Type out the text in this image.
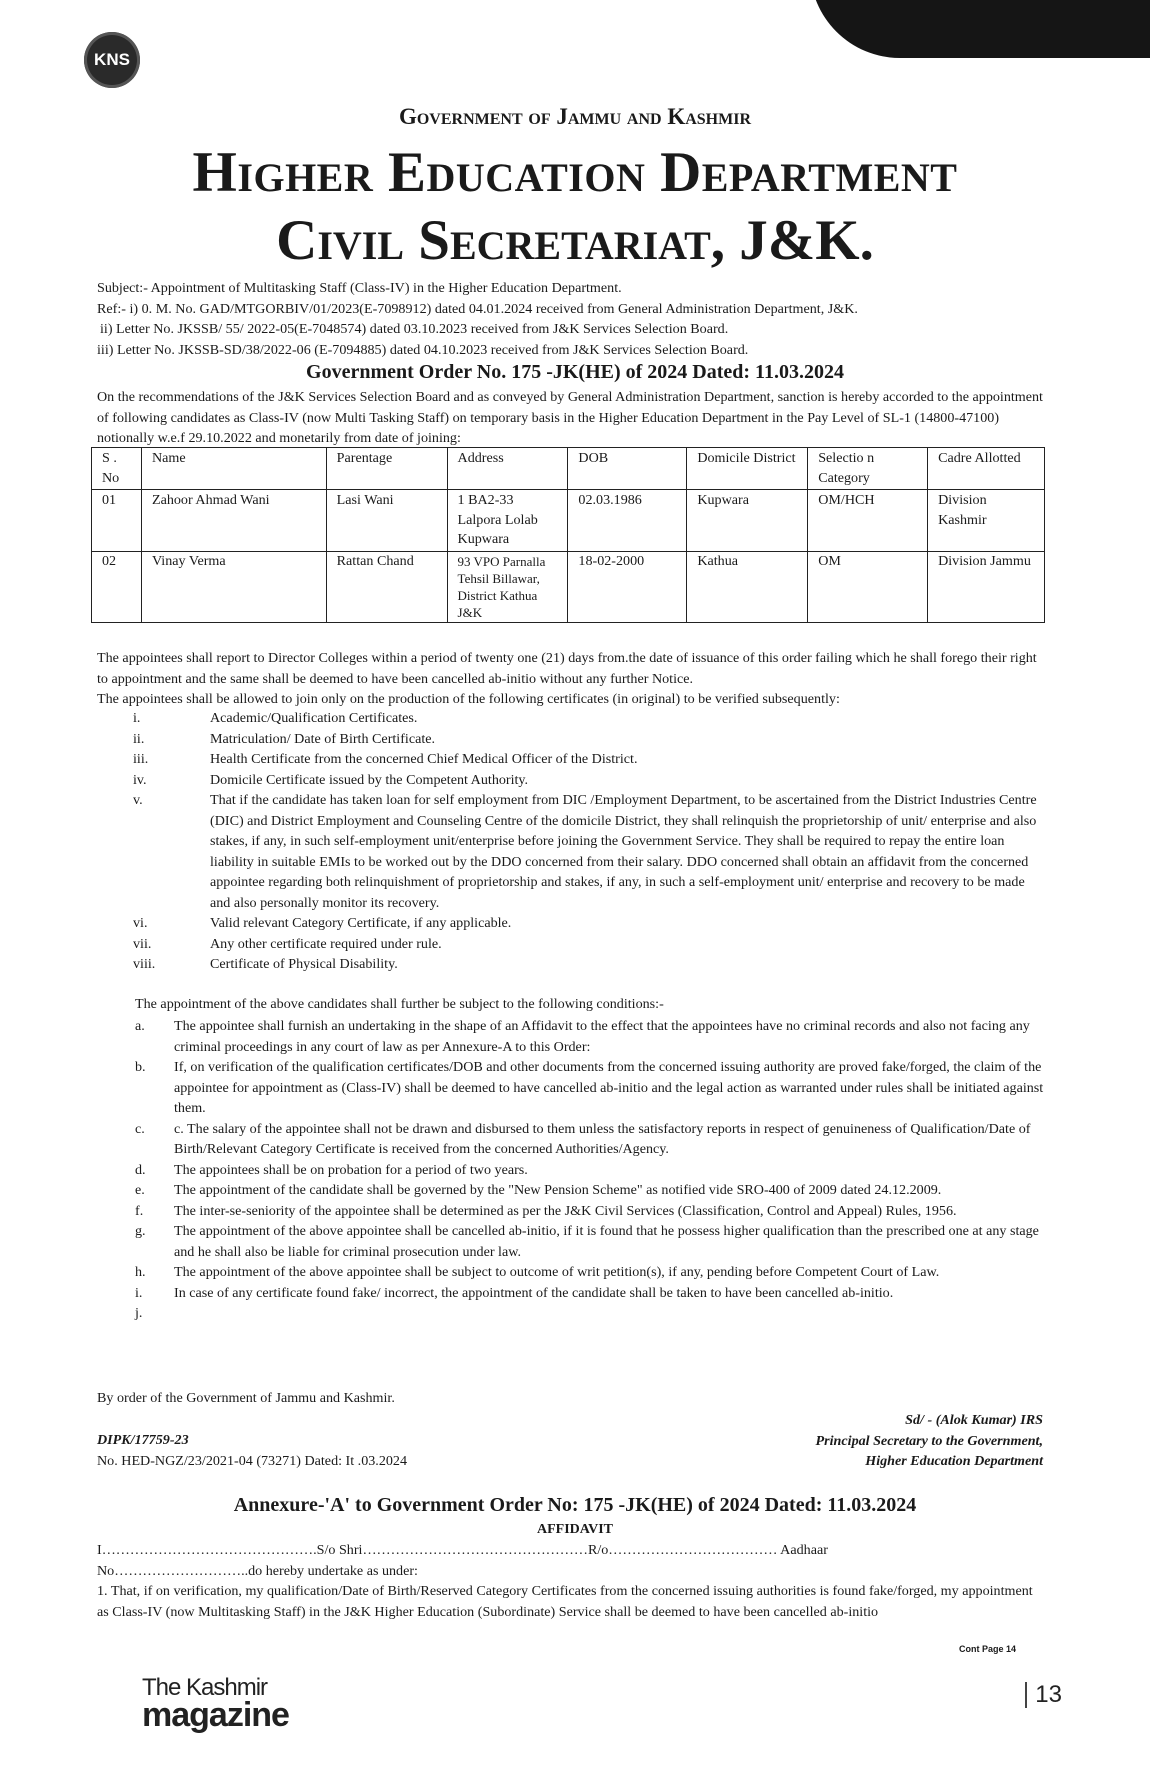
KNS
Government of Jammu and Kashmir
Higher Education Department
Civil Secretariat, J&K.
Subject:- Appointment of Multitasking Staff (Class-IV) in the Higher Education Department.
Ref:- i) 0. M. No. GAD/MTGORBIV/01/2023(E-7098912) dated 04.01.2024 received from General Administration Department, J&K.
ii) Letter No. JKSSB/ 55/ 2022-05(E-7048574) dated 03.10.2023 received from J&K Services Selection Board.
iii) Letter No. JKSSB-SD/38/2022-06 (E-7094885) dated 04.10.2023 received from J&K Services Selection Board.
Government Order No. 175 -JK(HE) of 2024 Dated: 11.03.2024
On the recommendations of the J&K Services Selection Board and as conveyed by General Administration Department, sanction is hereby accorded to the appointment of following candidates as Class-IV (now Multi Tasking Staff) on temporary basis in the Higher Education Department in the Pay Level of SL-1 (14800-47100) notionally w.e.f 29.10.2022 and monetarily from date of joining:
S . No	Name	Parentage	Address	DOB	Domicile District	Selectio n Category	Cadre Allotted
01	Zahoor Ahmad Wani	Lasi Wani	1 BA2-33 Lalpora Lolab Kupwara	02.03.1986	Kupwara	OM/HCH	Division Kashmir
02	Vinay Verma	Rattan Chand	93 VPO Parnalla Tehsil Billawar, District Kathua J&K	18-02-2000	Kathua	OM	Division Jammu
The appointees shall report to Director Colleges within a period of twenty one (21) days from.the date of issuance of this order failing which he shall forego their right to appointment and the same shall be deemed to have been cancelled ab-initio without any further Notice.
The appointees shall be allowed to join only on the production of the following certificates (in original) to be verified subsequently:
i.	Academic/Qualification Certificates.
ii.	Matriculation/ Date of Birth Certificate.
iii.	Health Certificate from the concerned Chief Medical Officer of the District.
iv.	Domicile Certificate issued by the Competent Authority.
v.	That if the candidate has taken loan for self employment from DIC /Employment Department, to be ascertained from the District Industries Centre (DIC) and District Employment and Counseling Centre of the domicile District, they shall relinquish the proprietorship of unit/ enterprise and also stakes, if any, in such self-employment unit/enterprise before joining the Government Service. They shall be required to repay the entire loan liability in suitable EMIs to be worked out by the DDO concerned from their salary. DDO concerned shall obtain an affidavit from the concerned appointee regarding both relinquishment of proprietorship and stakes, if any, in such a self-employment unit/ enterprise and recovery to be made and also personally monitor its recovery.
vi.	Valid relevant Category Certificate, if any applicable.
vii.	Any other certificate required under rule.
viii.	Certificate of Physical Disability.
The appointment of the above candidates shall further be subject to the following conditions:-
a.	The appointee shall furnish an undertaking in the shape of an Affidavit to the effect that the appointees have no criminal records and also not facing any criminal proceedings in any court of law as per Annexure-A to this Order:
b.	If, on verification of the qualification certificates/DOB and other documents from the concerned issuing authority are proved fake/forged, the claim of the appointee for appointment as (Class-IV) shall be deemed to have cancelled ab-initio and the legal action as warranted under rules shall be initiated against them.
c.	c. The salary of the appointee shall not be drawn and disbursed to them unless the satisfactory reports in respect of genuineness of Qualification/Date of Birth/Relevant Category Certificate is received from the concerned Authorities/Agency.
d.	The appointees shall be on probation for a period of two years.
e.	The appointment of the candidate shall be governed by the "New Pension Scheme" as notified vide SRO-400 of 2009 dated 24.12.2009.
f.	The inter-se-seniority of the appointee shall be determined as per the J&K Civil Services (Classification, Control and Appeal) Rules, 1956.
g.	The appointment of the above appointee shall be cancelled ab-initio, if it is found that he possess higher qualification than the prescribed one at any stage and he shall also be liable for criminal prosecution under law.
h.	The appointment of the above appointee shall be subject to outcome of writ petition(s), if any, pending before Competent Court of Law.
i.	In case of any certificate found fake/ incorrect, the appointment of the candidate shall be taken to have been cancelled ab-initio.
j.
By order of the Government of Jammu and Kashmir.
Sd/ - (Alok Kumar) IRS
Principal Secretary to the Government,
Higher Education Department
DIPK/17759-23
No. HED-NGZ/23/2021-04 (73271) Dated: It .03.2024
Annexure-'A' to Government Order No: 175 -JK(HE) of 2024 Dated: 11.03.2024
AFFIDAVIT
I……………………………………….S/o Shri…………………………………………R/o……………………………… Aadhaar
No………………………..do hereby undertake as under:
1. That, if on verification, my qualification/Date of Birth/Reserved Category Certificates from the concerned issuing authorities is found fake/forged, my appointment as Class-IV (now Multitasking Staff) in the J&K Higher Education (Subordinate) Service shall be deemed to have been cancelled ab-initio
Cont Page 14
The Kashmir
magazine
13
